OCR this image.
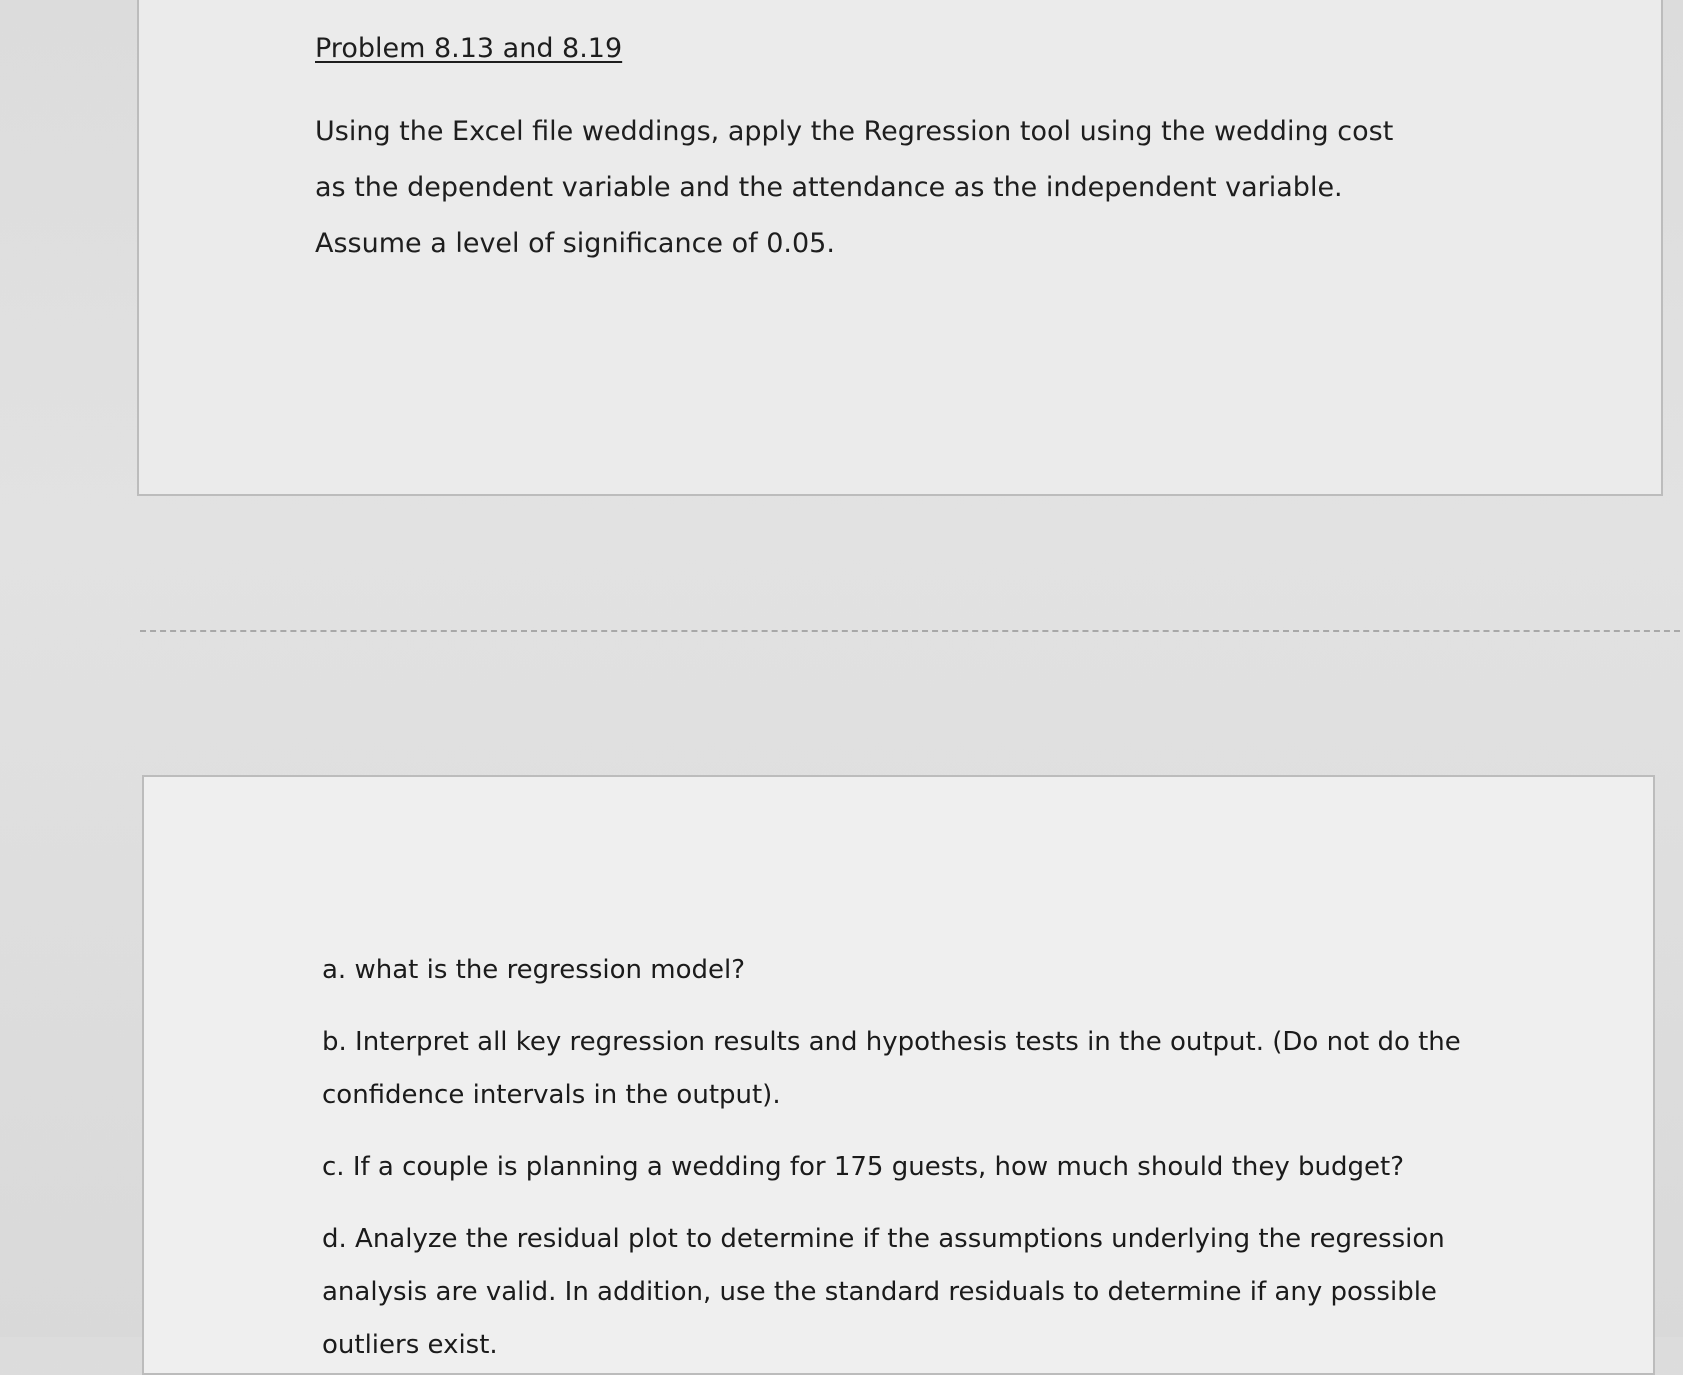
Problem 8.13 and 8.19

Using the Excel file weddings, apply the Regression tool using the wedding cost as the dependent variable and the attendance as the independent variable. Assume a level of significance of 0.05.

a. what is the regression model?

b. Interpret all key regression results and hypothesis tests in the output. (Do not do the confidence intervals in the output).

c. If a couple is planning a wedding for 175 guests, how much should they budget?

d. Analyze the residual plot to determine if the assumptions underlying the regression analysis are valid. In addition, use the standard residuals to determine if any possible outliers exist.
